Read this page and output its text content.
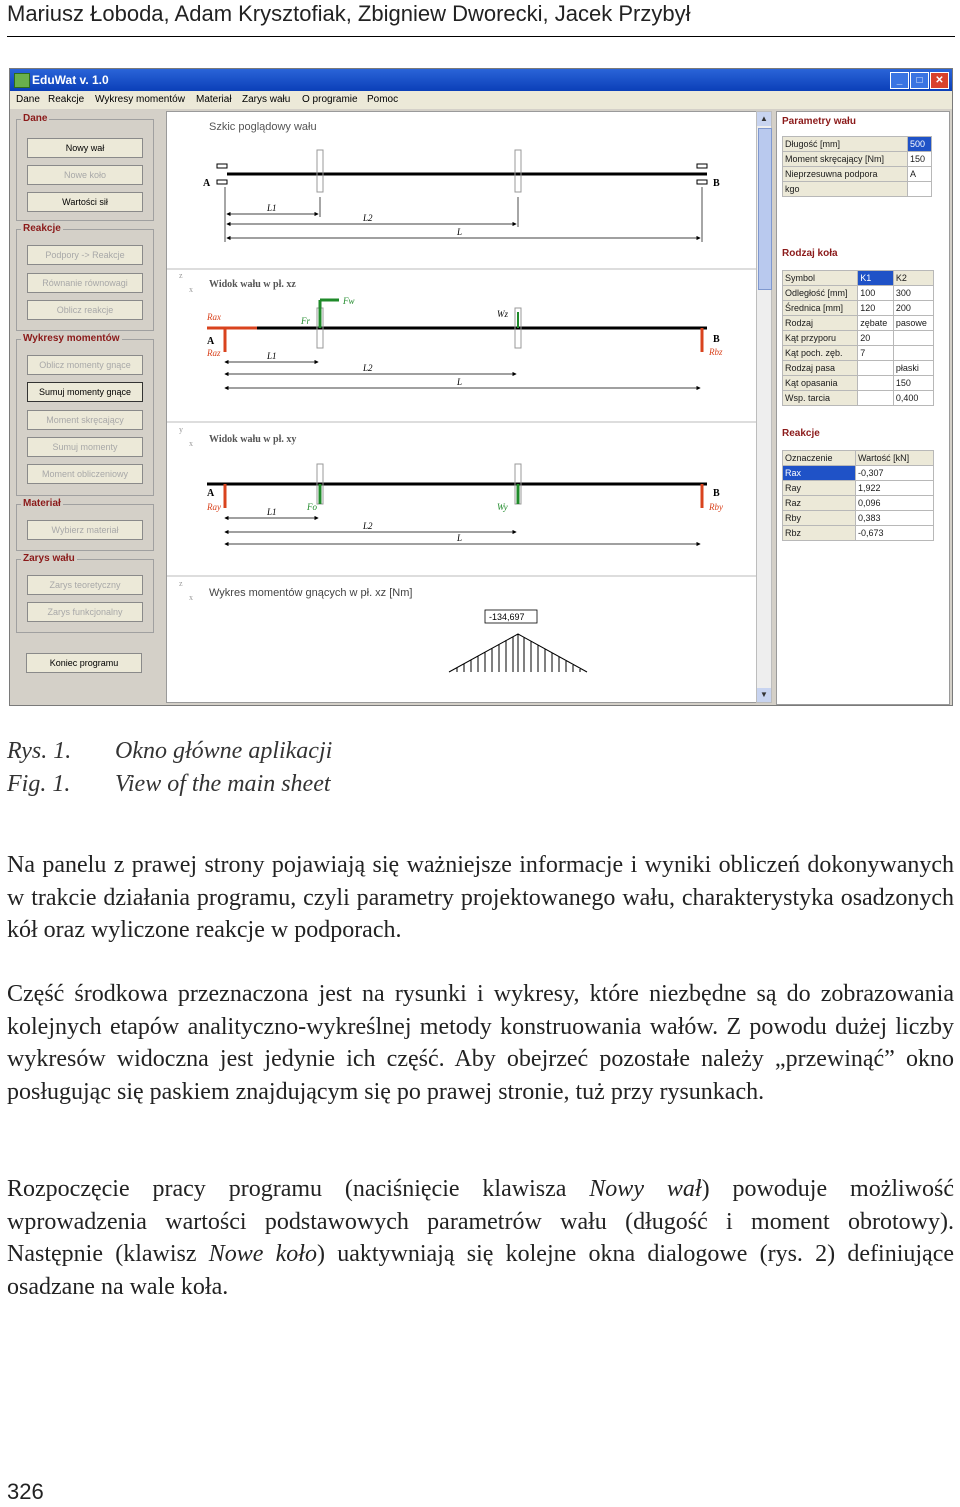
Mariusz Łoboda, Adam Krysztofiak, Zbigniew Dworecki, Jacek Przybył
EduWat v. 1.0	_	□	✕
Dane Reakcje Wykresy momentów Materiał Zarys wału O programie Pomoc
Dane
Nowy wał
Nowe koło
Wartości sił
Reakcje
Podpory -> Reakcje
Równanie równowagi
Oblicz reakcje
Wykresy momentów
Oblicz momenty gnące
Sumuj momenty gnące
Moment skręcający
Sumuj momenty
Moment obliczeniowy
Materiał
Wybierz materiał
Zarys wału
Zarys teoretyczny
Zarys funkcjonalny
Koniec programu
Szkic poglądowy wału
A	B
L1
L2
L
z
x Widok wału w pł. xz
Rax
A
Raz
Fw
Fr
Wz
B
Rbz
L1
L2
L
y
x Widok wału w pł. xy
A
Ray	Fo	Wy
B
Rby
L1
L2
L
z
x Wykres momentów gnących w pł. xz [Nm]
-134,697
▲
▼
Parametry wału
Długość [mm]	500
Moment skręcający [Nm]	150
Nieprzesuwna podpora	A
kgo	
Rodzaj koła
Symbol	K1	K2
Odległość [mm]	100	300
Średnica [mm]	120	200
Rodzaj	zębate	pasowe
Kąt przyporu	20	
Kąt poch. zęb.	7	
Rodzaj pasa		płaski
Kąt opasania		150
Wsp. tarcia		0,400
Reakcje
Oznaczenie	Wartość [kN]
Rax	-0,307
Ray	1,922
Raz	0,096
Rby	0,383
Rbz	-0,673
Rys. 1. Okno główne aplikacji
Fig. 1. View of the main sheet

Na panelu z prawej strony pojawiają się ważniejsze informacje i wyniki obliczeń dokonywanych w trakcie działania programu, czyli parametry projektowanego wału, charakterystyka osadzonych kół oraz wyliczone reakcje w podporach.

Część środkowa przeznaczona jest na rysunki i wykresy, które niezbędne są do zobrazowania kolejnych etapów analityczno-wykreślnej metody konstruowania wałów. Z powodu dużej liczby wykresów widoczna jest jedynie ich część. Aby obejrzeć pozostałe należy „przewinąć” okno posługując się paskiem znajdującym się po prawej stronie, tuż przy rysunkach.

Rozpoczęcie pracy programu (naciśnięcie klawisza Nowy wał) powoduje możliwość wprowadzenia wartości podstawowych parametrów wału (długość i moment obrotowy). Następnie (klawisz Nowe koło) uaktywniają się kolejne okna dialogowe (rys. 2) definiujące osadzane na wale koła.

326
